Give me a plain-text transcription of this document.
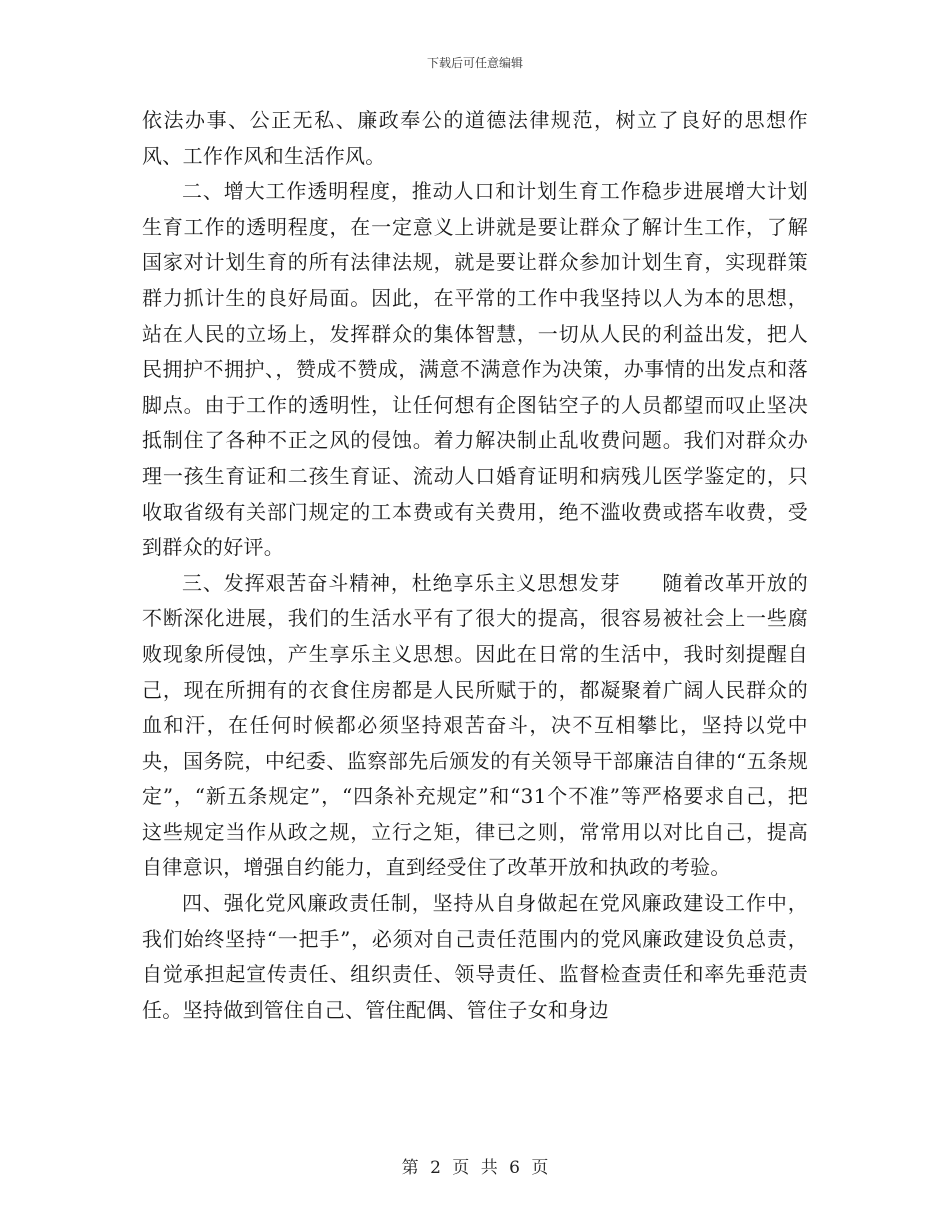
下载后可任意编辑

依法办事、公正无私、廉政奉公的道德法律规范，树立了良好的思想作风、工作作风和生活作风。

二、增大工作透明程度，推动人口和计划生育工作稳步进展增大计划生育工作的透明程度，在一定意义上讲就是要让群众了解计生工作，了解国家对计划生育的所有法律法规，就是要让群众参加计划生育，实现群策群力抓计生的良好局面。因此，在平常的工作中我坚持以人为本的思想，站在人民的立场上，发挥群众的集体智慧，一切从人民的利益出发，把人民拥护不拥护、，赞成不赞成，满意不满意作为决策，办事情的出发点和落脚点。由于工作的透明性，让任何想有企图钻空子的人员都望而叹止坚决抵制住了各种不正之风的侵蚀。着力解决制止乱收费问题。我们对群众办理一孩生育证和二孩生育证、流动人口婚育证明和病残儿医学鉴定的，只收取省级有关部门规定的工本费或有关费用，绝不滥收费或搭车收费，受到群众的好评。

三、发挥艰苦奋斗精神，杜绝享乐主义思想发芽　　随着改革开放的不断深化进展，我们的生活水平有了很大的提高，很容易被社会上一些腐败现象所侵蚀，产生享乐主义思想。因此在日常的生活中，我时刻提醒自己，现在所拥有的衣食住房都是人民所赋于的，都凝聚着广阔人民群众的血和汗，在任何时候都必须坚持艰苦奋斗，决不互相攀比，坚持以党中央，国务院，中纪委、监察部先后颁发的有关领导干部廉洁自律的“五条规定”，“新五条规定”，“四条补充规定”和“31个不准”等严格要求自己，把这些规定当作从政之规，立行之矩，律已之则，常常用以对比自己，提高自律意识，增强自约能力，直到经受住了改革开放和执政的考验。

四、强化党风廉政责任制，坚持从自身做起在党风廉政建设工作中，我们始终坚持“一把手”，必须对自己责任范围内的党风廉政建设负总责，自觉承担起宣传责任、组织责任、领导责任、监督检查责任和率先垂范责任。坚持做到管住自己、管住配偶、管住子女和身边

第 2 页 共 6 页
